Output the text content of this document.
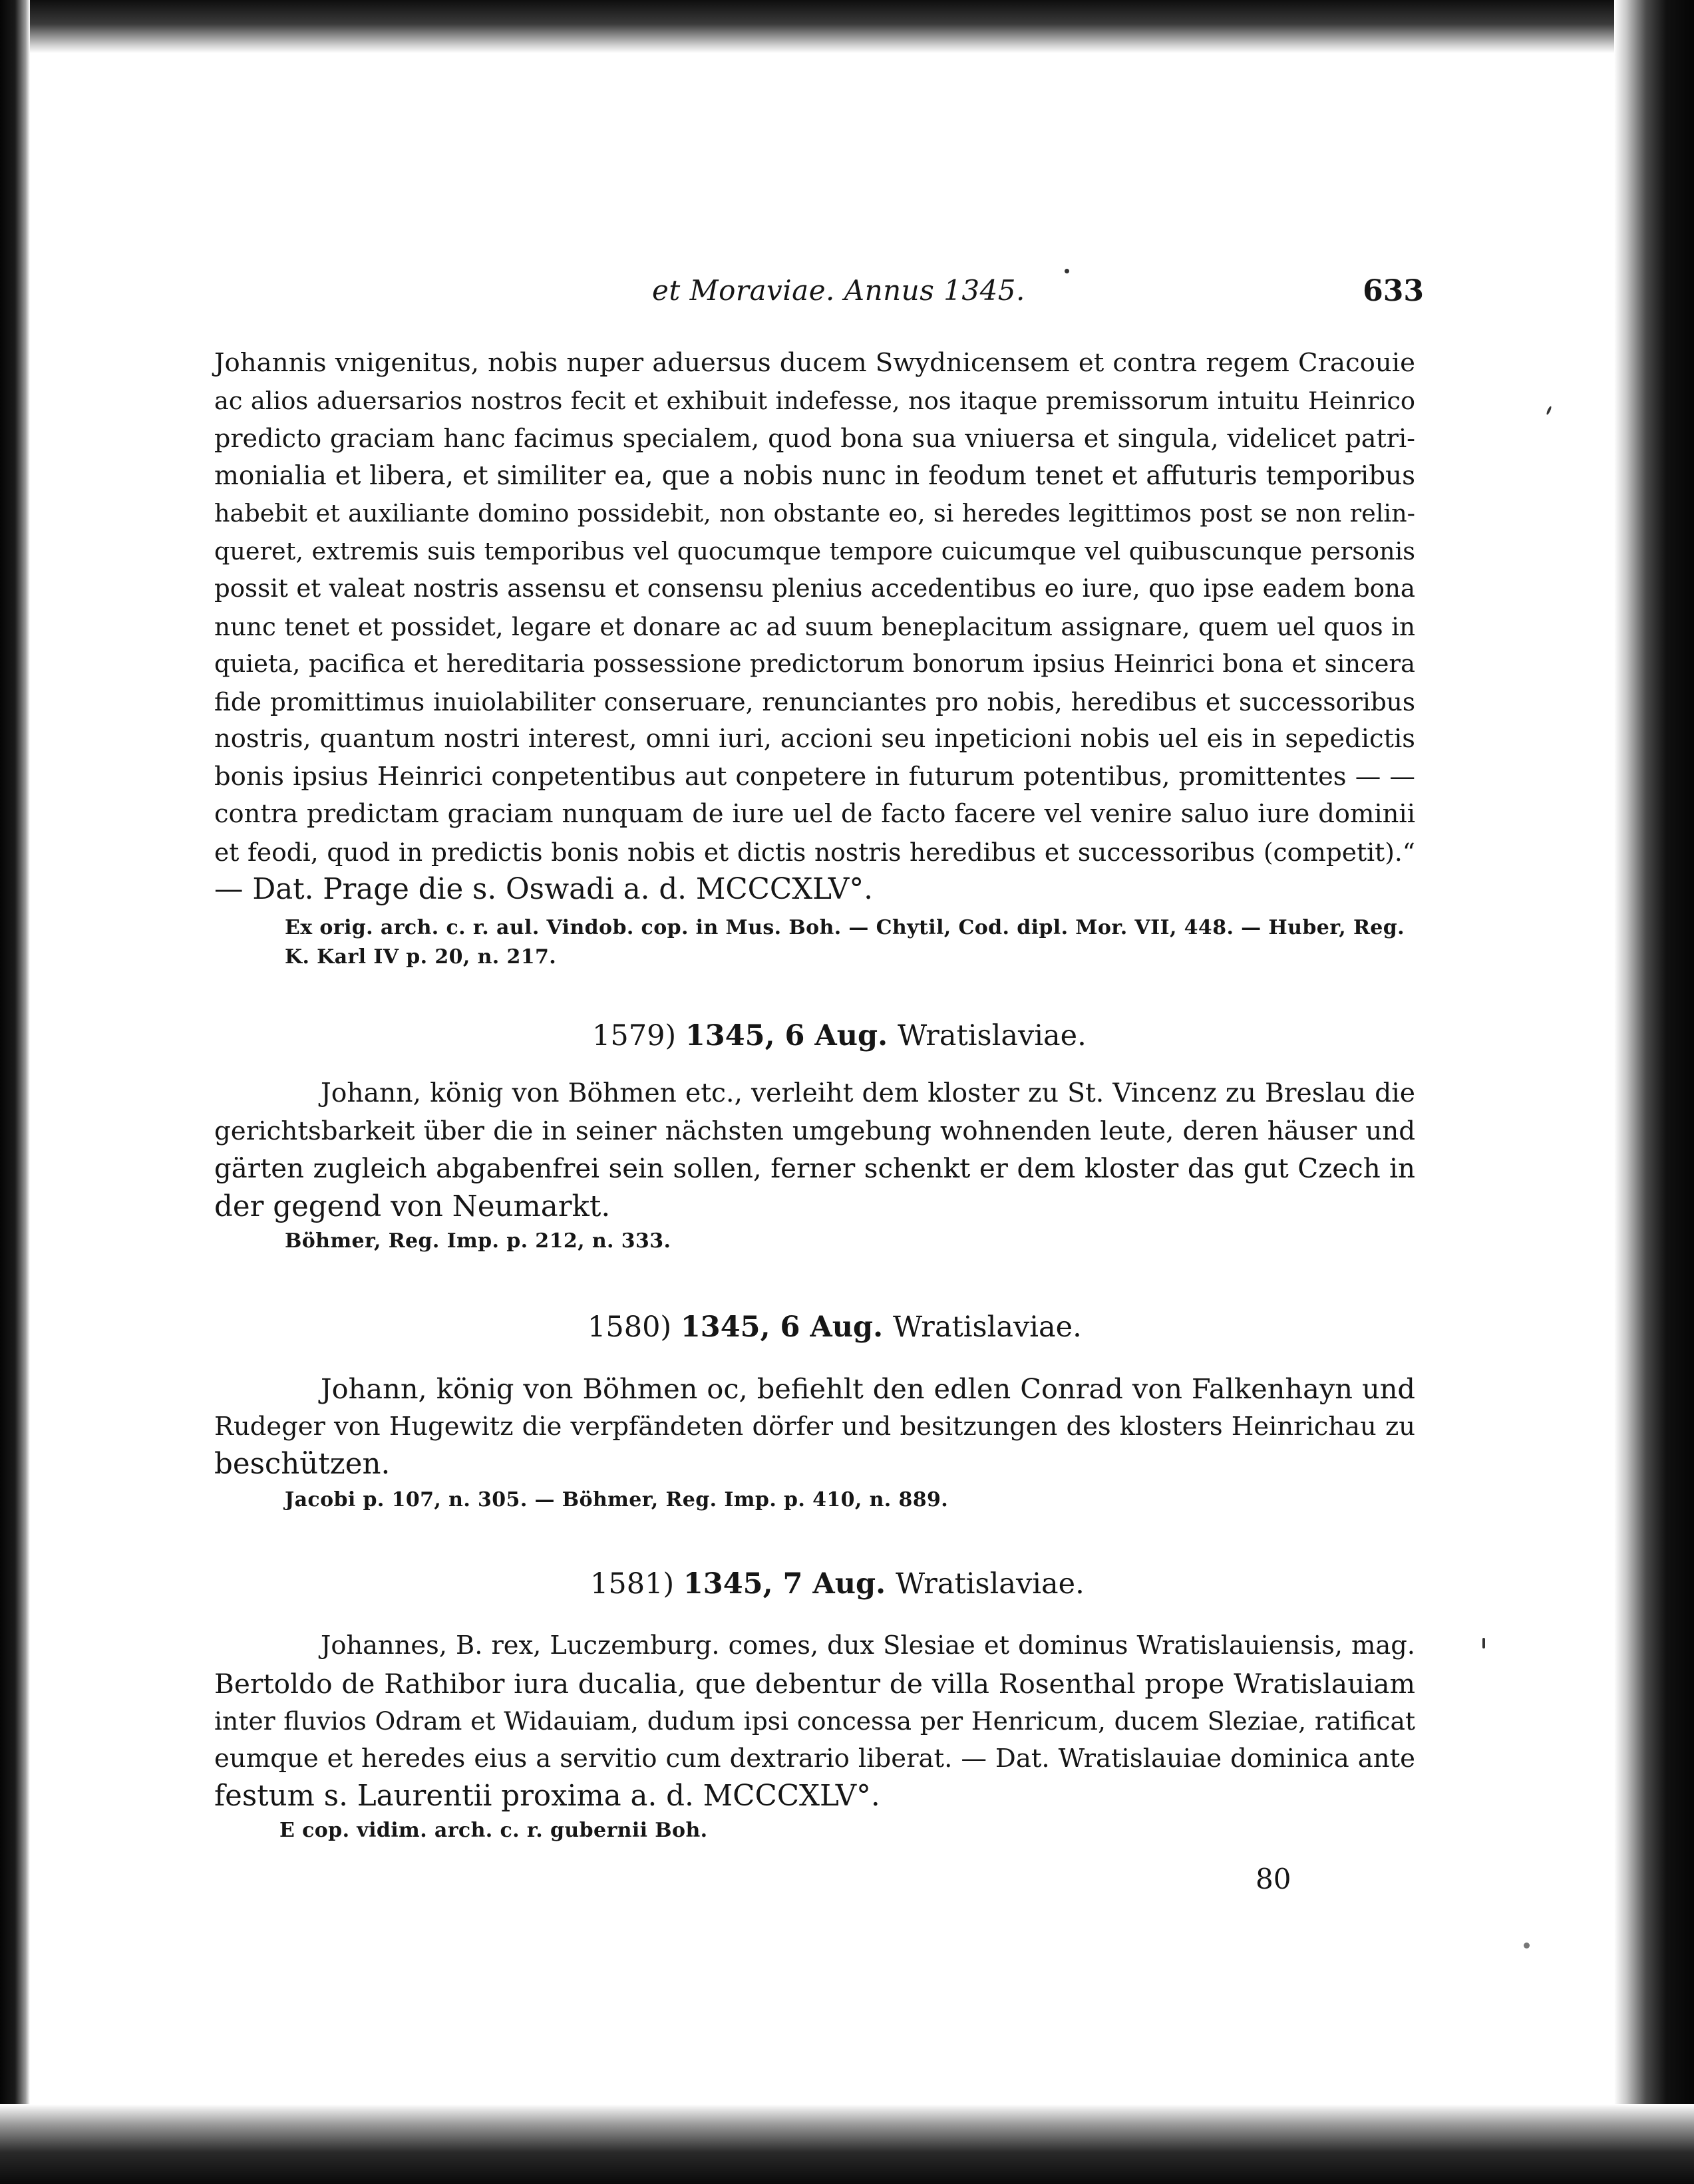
et Moraviae. Annus 1345.	633
Johannis vnigenitus, nobis nuper aduersus ducem Swydnicensem et contra regem Cracouie
ac alios aduersarios nostros fecit et exhibuit indefesse, nos itaque premissorum intuitu Heinrico
predicto graciam hanc facimus specialem, quod bona sua vniuersa et singula, videlicet patri-
monialia et libera, et similiter ea, que a nobis nunc in feodum tenet et affuturis temporibus
habebit et auxiliante domino possidebit, non obstante eo, si heredes legittimos post se non relin-
queret, extremis suis temporibus vel quocumque tempore cuicumque vel quibuscunque personis
possit et valeat nostris assensu et consensu plenius accedentibus eo iure, quo ipse eadem bona
nunc tenet et possidet, legare et donare ac ad suum beneplacitum assignare, quem uel quos in
quieta, pacifica et hereditaria possessione predictorum bonorum ipsius Heinrici bona et sincera
fide promittimus inuiolabiliter conseruare, renunciantes pro nobis, heredibus et successoribus
nostris, quantum nostri interest, omni iuri, accioni seu inpeticioni nobis uel eis in sepedictis
bonis ipsius Heinrici conpetentibus aut conpetere in futurum potentibus, promittentes — —
contra predictam graciam nunquam de iure uel de facto facere vel venire saluo iure dominii
et feodi, quod in predictis bonis nobis et dictis nostris heredibus et successoribus (competit).“
— Dat. Prage die s. Oswadi a. d. MCCCXLV°.
Ex orig. arch. c. r. aul. Vindob. cop. in Mus. Boh. — Chytil, Cod. dipl. Mor. VII, 448. — Huber, Reg.
K. Karl IV p. 20, n. 217.
1579) 1345, 6 Aug. Wratislaviae.
Johann, könig von Böhmen etc., verleiht dem kloster zu St. Vincenz zu Breslau die
gerichtsbarkeit über die in seiner nächsten umgebung wohnenden leute, deren häuser und
gärten zugleich abgabenfrei sein sollen, ferner schenkt er dem kloster das gut Czech in
der gegend von Neumarkt.
Böhmer, Reg. Imp. p. 212, n. 333.
1580) 1345, 6 Aug. Wratislaviae.
Johann, könig von Böhmen oc, befiehlt den edlen Conrad von Falkenhayn und
Rudeger von Hugewitz die verpfändeten dörfer und besitzungen des klosters Heinrichau zu
beschützen.
Jacobi p. 107, n. 305. — Böhmer, Reg. Imp. p. 410, n. 889.
1581) 1345, 7 Aug. Wratislaviae.
Johannes, B. rex, Luczemburg. comes, dux Slesiae et dominus Wratislauiensis, mag.
Bertoldo de Rathibor iura ducalia, que debentur de villa Rosenthal prope Wratislauiam
inter fluvios Odram et Widauiam, dudum ipsi concessa per Henricum, ducem Sleziae, ratificat
eumque et heredes eius a servitio cum dextrario liberat. — Dat. Wratislauiae dominica ante
festum s. Laurentii proxima a. d. MCCCXLV°.
E cop. vidim. arch. c. r. gubernii Boh.
80
